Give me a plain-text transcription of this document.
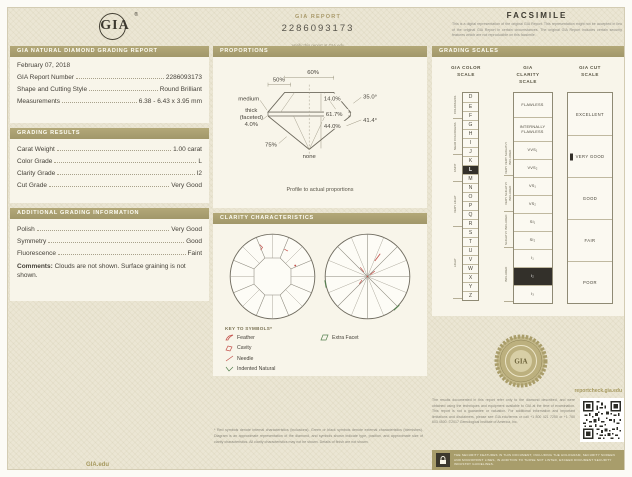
GIA
®	GIA REPORT
2286093173
FACSIMILE

This is a digital representation of the original GIA Report. This representation might not be accepted in lieu of the original GIA Report in certain circumstances. The original GIA Report includes certain security features which are not reproducible on this facsimile.

GIA NATURAL DIAMOND GRADING REPORT
February 07, 2018
GIA Report Number	2286093173
Shape and Cutting Style	Round Brilliant
Measurements	6.38 - 6.43 x 3.95 mm
GRADING RESULTS
Carat Weight	1.00 carat
Color Grade	L
Clarity Grade	I2
Cut Grade	Very Good
ADDITIONAL GRADING INFORMATION
Polish	Very Good
Symmetry	Good
Fluorescence	Faint
Comments: Clouds are not shown. Surface graining is not shown.
PROPORTIONS
50%
60%
medium
thick
(faceted)
4.0%
14.0%	35.0°
61.7%
44.0%
41.4°
75%
none
Profile to actual proportions
CLARITY CHARACTERISTICS
KEY TO SYMBOLS*
Feather
Cavity
Needle
Indented Natural
Extra Facet
* Red symbols denote internal characteristics (inclusions). Green or black symbols denote external characteristics (blemishes). Diagram is an approximate representation of the diamond, and symbols shown indicate type, position, and approximate size of clarity characteristics. All clarity characteristics may not be shown. Details of finish are not shown.
GRADING SCALES
GIA COLOR SCALE
COLORLESS
NEAR COLORLESS
FAINT
VERY LIGHT
LIGHT
D
E
F
G
H
I
J
K
L
M
N
O
P
Q
R
S
T
U
V
W
X
Y
Z
GIA CLARITY SCALE
VERY VERY SLIGHTLY INCLUDED
VERY SLIGHTLY INCLUDED
SLIGHTLY INCLUDED
INCLUDED
FLAWLESS
INTERNALLY FLAWLESS
VVS₁
VVS₂
VS₁
VS₂
SI₁
SI₂
I₁
I₂
I₃
GIA CUT SCALE
EXCELLENT
VERY GOOD
GOOD
FAIR
POOR
GIA
reportcheck.gia.edu

The results documented in this report refer only to the diamond described, and were obtained using the techniques and equipment available to GIA at the time of examination. This report is not a guarantee or valuation. For additional information and important limitations and disclaimers, please see GIA.edu/terms or call +1 800 421 7250 or +1 760 603 4500. ©2017 Gemological Institute of America, Inc.

THE SECURITY FEATURES IN THIS DOCUMENT, INCLUDING THE HOLOGRAM, SECURITY SCREEN AND MICROPRINT LINES, IN ADDITION TO THOSE NOT LISTED, EXCEED DOCUMENT SECURITY INDUSTRY GUIDELINES.

GIA.edu
